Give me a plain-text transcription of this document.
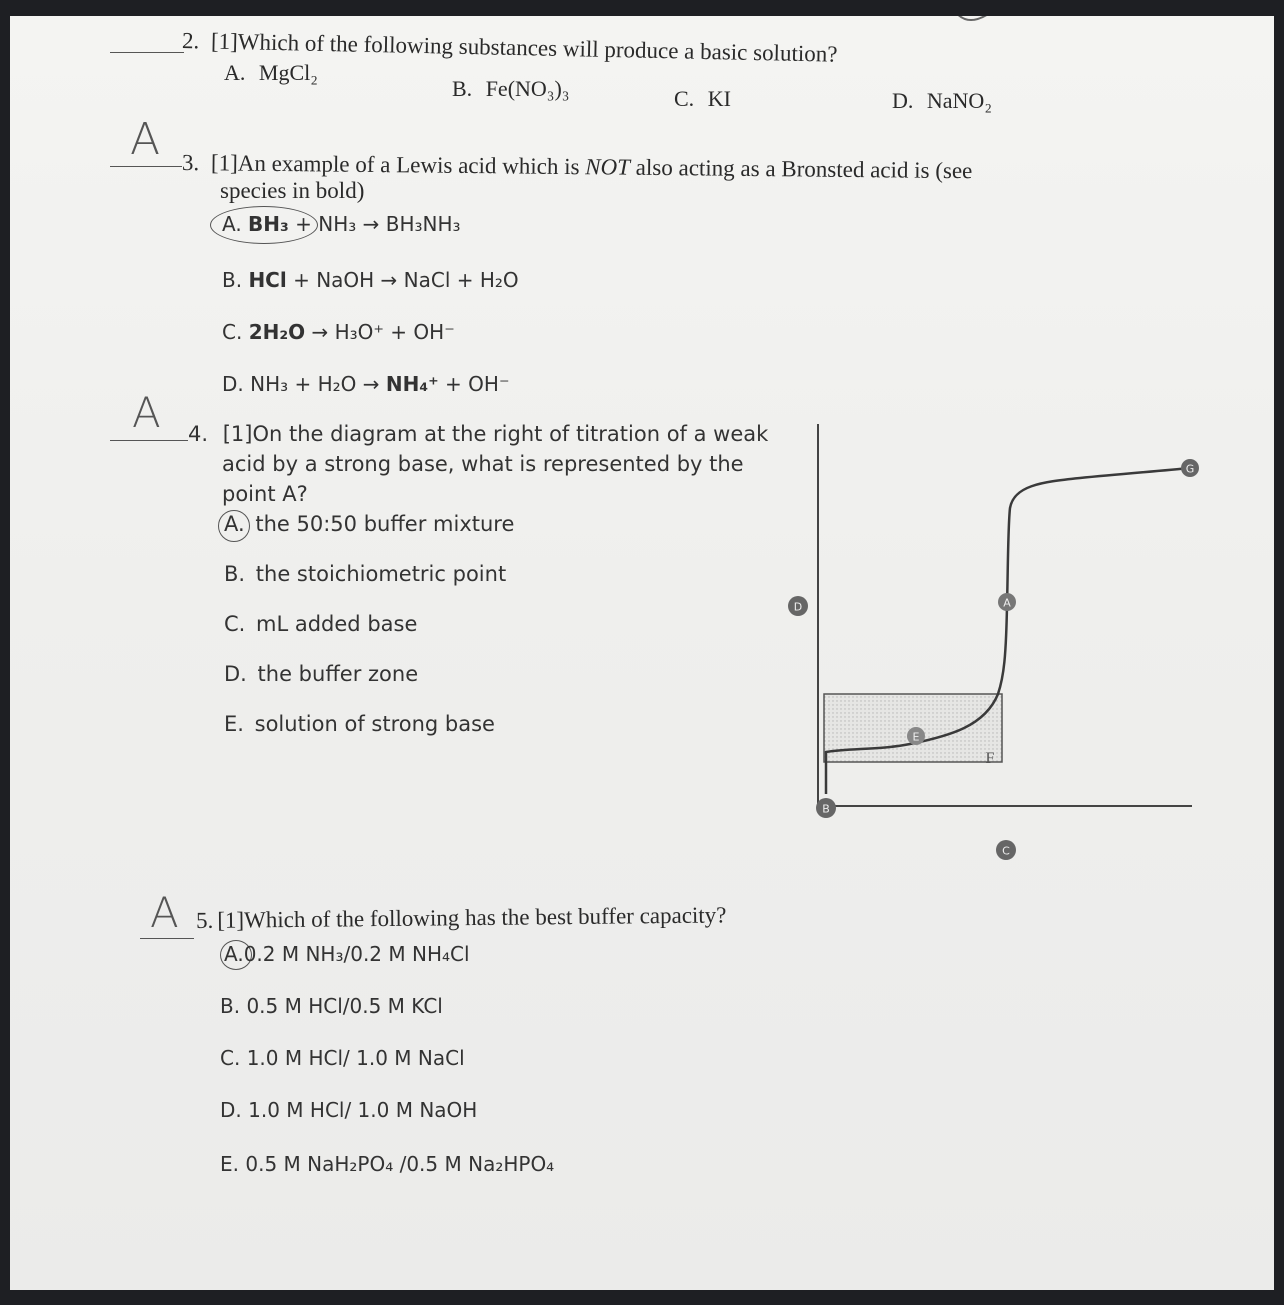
2. [1]Which of the following substances will produce a basic solution?
A. MgCl₂
B. Fe(NO₃)₃	C. KI	D. NaNO₂
A 3. [1]An example of a Lewis acid which is NOT also acting as a Bronsted acid is (see
species in bold)
A. BH₃ + NH₃ → BH₃NH₃
B. HCl + NaOH → NaCl + H₂O
C. 2H₂O → H₃O⁺ + OH⁻
D. NH₃ + H₂O → NH₄⁺ + OH⁻
A 4. [1]On the diagram at the right of titration of a weak
acid by a strong base, what is represented by the
point A?
A. the 50:50 buffer mixture
B. the stoichiometric point
C. mL added base
D. the buffer zone
E. solution of strong base
G
D	A
E
F
B
C
A 5. [1]Which of the following has the best buffer capacity?
A.0.2 M NH₃/0.2 M NH₄Cl
B. 0.5 M HCl/0.5 M KCl
C. 1.0 M HCl/ 1.0 M NaCl
D. 1.0 M HCl/ 1.0 M NaOH
E. 0.5 M NaH₂PO₄ /0.5 M Na₂HPO₄
